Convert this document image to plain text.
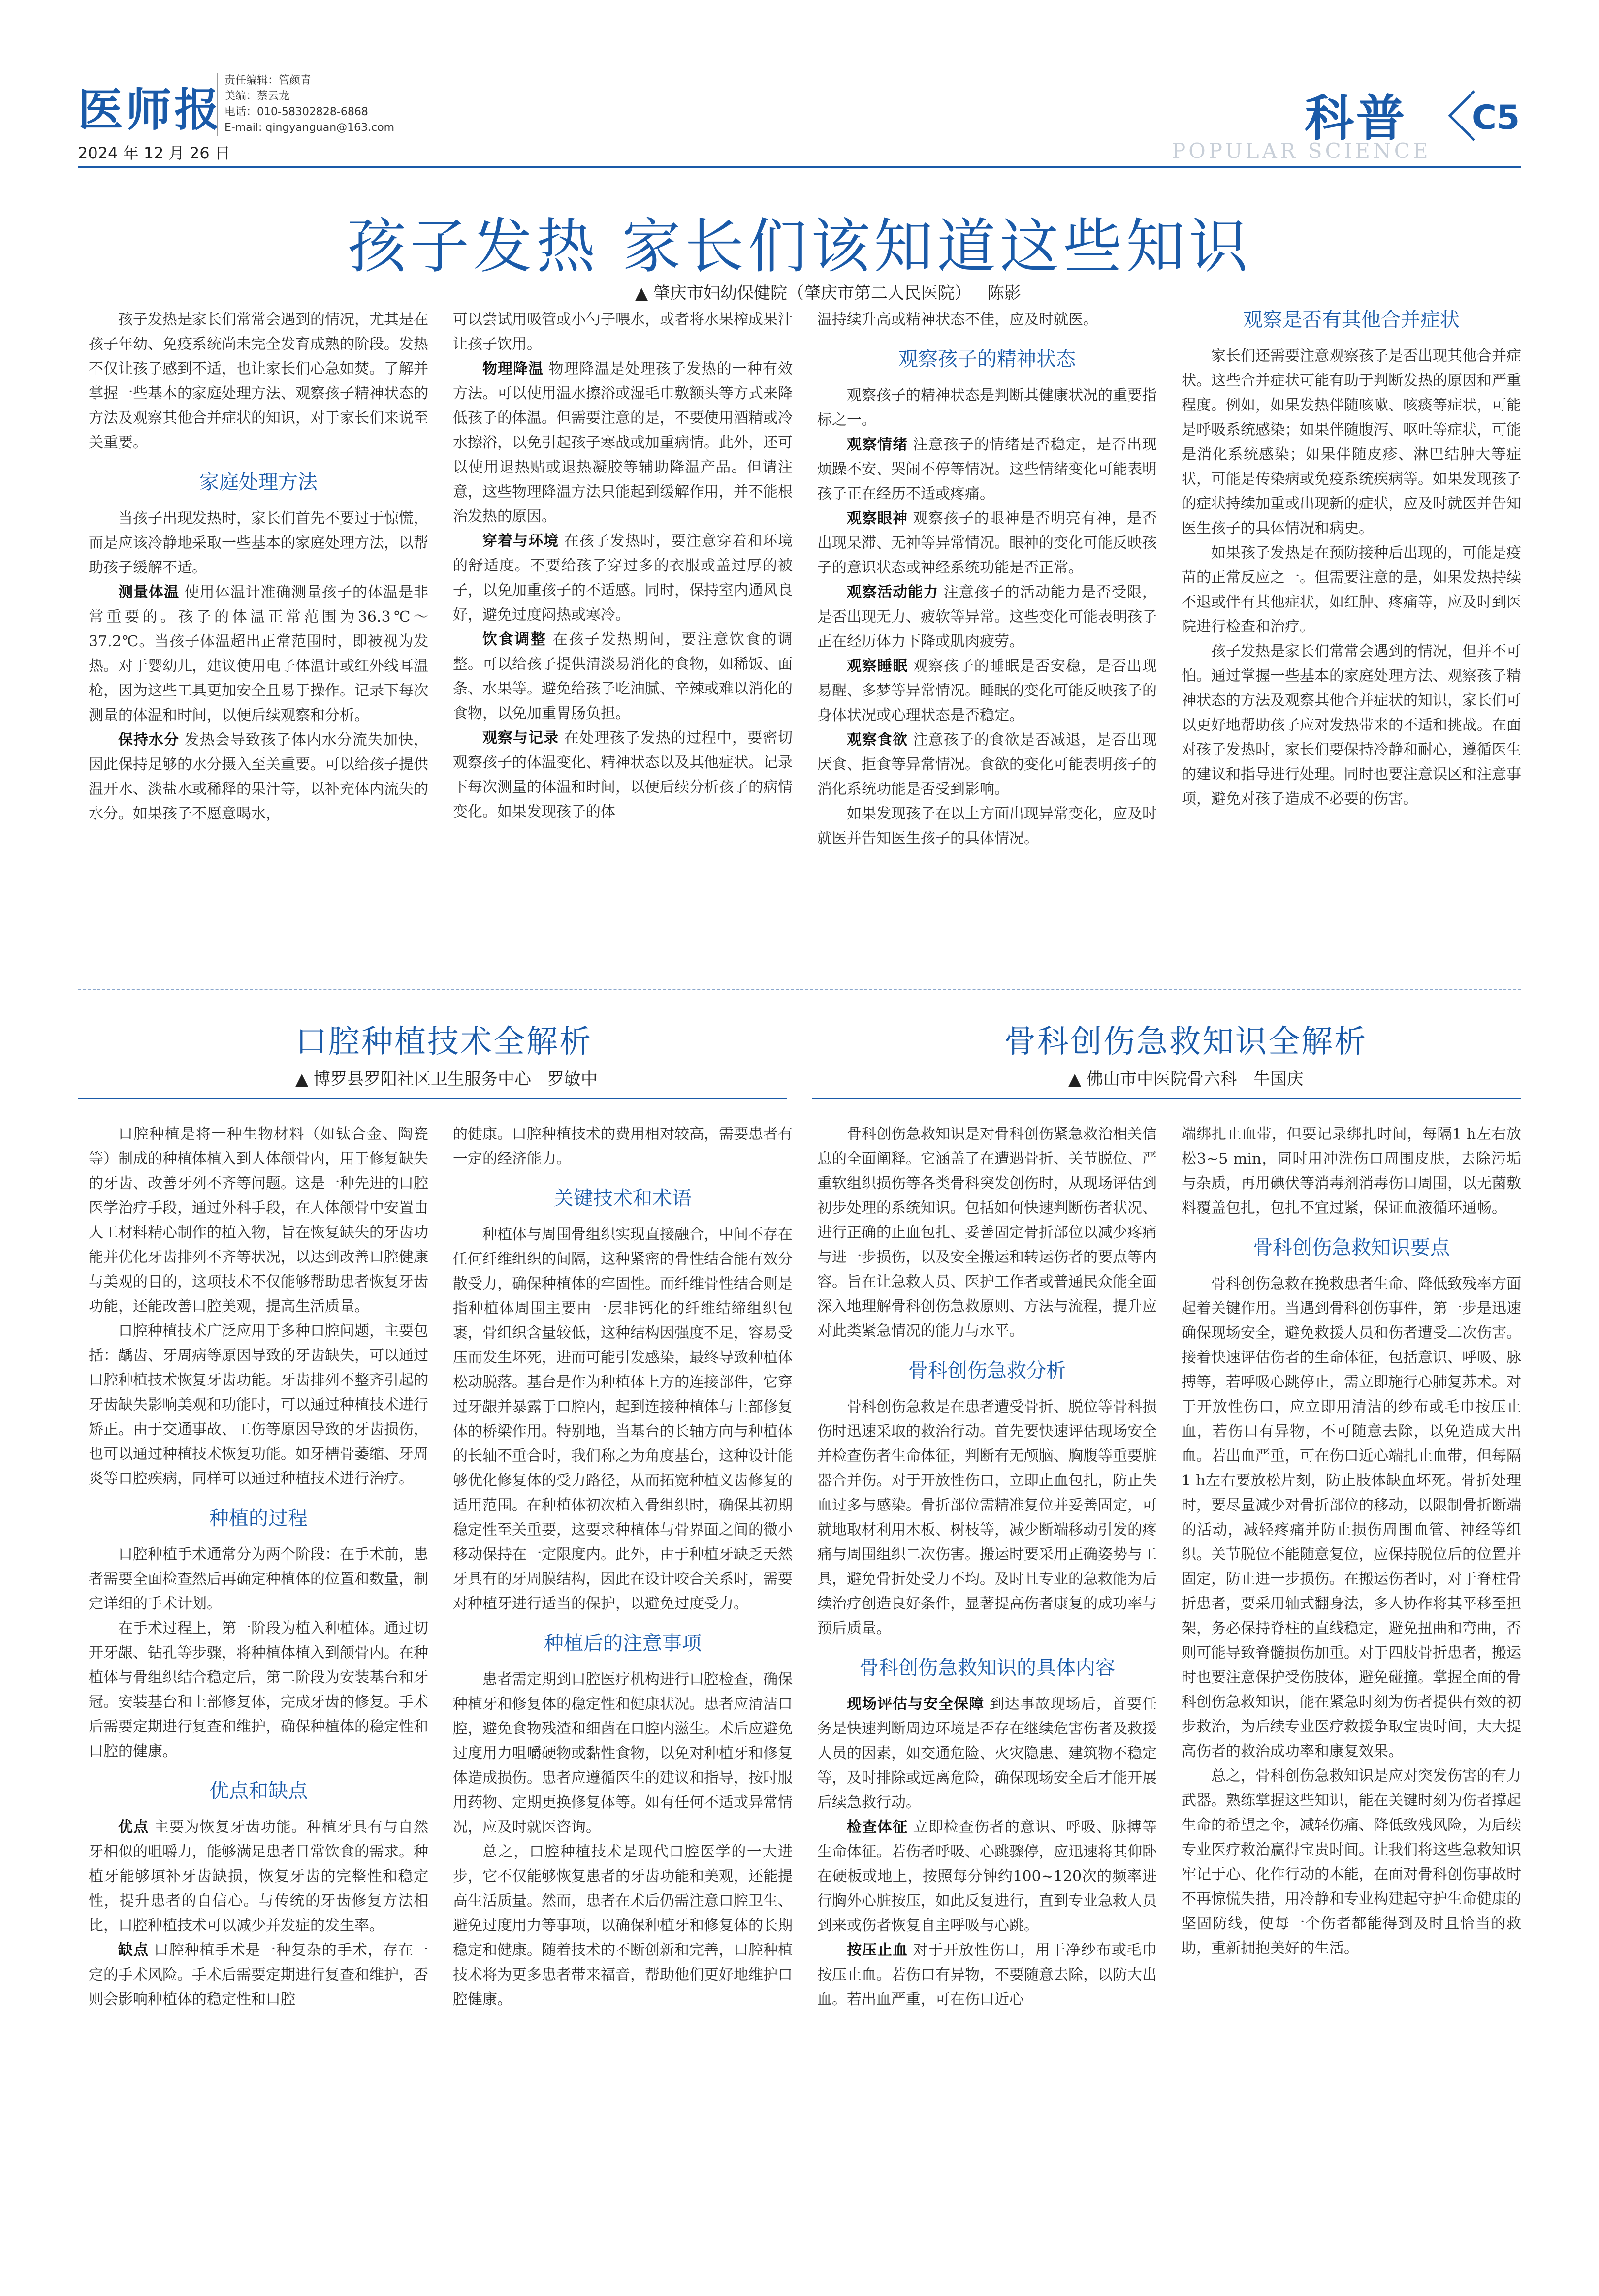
医师报
2024 年 12 月 26 日
责任编辑：管颜青
美编：蔡云龙
电话：010-58302828-6868
E-mail: qingyanguan@163.com	科普
POPULAR SCIENCE
C5
孩子发热 家长们该知道这些知识
▲ 肇庆市妇幼保健院（肇庆市第二人民医院） 陈影

孩子发热是家长们常常会遇到的情况，尤其是在孩子年幼、免疫系统尚未完全发育成熟的阶段。发热不仅让孩子感到不适，也让家长们心急如焚。了解并掌握一些基本的家庭处理方法、观察孩子精神状态的方法及观察其他合并症状的知识，对于家长们来说至关重要。

家庭处理方法

当孩子出现发热时，家长们首先不要过于惊慌，而是应该冷静地采取一些基本的家庭处理方法，以帮助孩子缓解不适。

测量体温 使用体温计准确测量孩子的体温是非常重要的。孩子的体温正常范围为36.3℃～37.2℃。当孩子体温超出正常范围时，即被视为发热。对于婴幼儿，建议使用电子体温计或红外线耳温枪，因为这些工具更加安全且易于操作。记录下每次测量的体温和时间，以便后续观察和分析。

保持水分 发热会导致孩子体内水分流失加快，因此保持足够的水分摄入至关重要。可以给孩子提供温开水、淡盐水或稀释的果汁等，以补充体内流失的水分。如果孩子不愿意喝水，

可以尝试用吸管或小勺子喂水，或者将水果榨成果汁让孩子饮用。

物理降温 物理降温是处理孩子发热的一种有效方法。可以使用温水擦浴或湿毛巾敷额头等方式来降低孩子的体温。但需要注意的是，不要使用酒精或冷水擦浴，以免引起孩子寒战或加重病情。此外，还可以使用退热贴或退热凝胶等辅助降温产品。但请注意，这些物理降温方法只能起到缓解作用，并不能根治发热的原因。

穿着与环境 在孩子发热时，要注意穿着和环境的舒适度。不要给孩子穿过多的衣服或盖过厚的被子，以免加重孩子的不适感。同时，保持室内通风良好，避免过度闷热或寒冷。

饮食调整 在孩子发热期间，要注意饮食的调整。可以给孩子提供清淡易消化的食物，如稀饭、面条、水果等。避免给孩子吃油腻、辛辣或难以消化的食物，以免加重胃肠负担。

观察与记录 在处理孩子发热的过程中，要密切观察孩子的体温变化、精神状态以及其他症状。记录下每次测量的体温和时间，以便后续分析孩子的病情变化。如果发现孩子的体

温持续升高或精神状态不佳，应及时就医。

观察孩子的精神状态

观察孩子的精神状态是判断其健康状况的重要指标之一。

观察情绪 注意孩子的情绪是否稳定，是否出现烦躁不安、哭闹不停等情况。这些情绪变化可能表明孩子正在经历不适或疼痛。

观察眼神 观察孩子的眼神是否明亮有神，是否出现呆滞、无神等异常情况。眼神的变化可能反映孩子的意识状态或神经系统功能是否正常。

观察活动能力 注意孩子的活动能力是否受限，是否出现无力、疲软等异常。这些变化可能表明孩子正在经历体力下降或肌肉疲劳。

观察睡眠 观察孩子的睡眠是否安稳，是否出现易醒、多梦等异常情况。睡眠的变化可能反映孩子的身体状况或心理状态是否稳定。

观察食欲 注意孩子的食欲是否减退，是否出现厌食、拒食等异常情况。食欲的变化可能表明孩子的消化系统功能是否受到影响。

如果发现孩子在以上方面出现异常变化，应及时就医并告知医生孩子的具体情况。

观察是否有其他合并症状

家长们还需要注意观察孩子是否出现其他合并症状。这些合并症状可能有助于判断发热的原因和严重程度。例如，如果发热伴随咳嗽、咳痰等症状，可能是呼吸系统感染；如果伴随腹泻、呕吐等症状，可能是消化系统感染；如果伴随皮疹、淋巴结肿大等症状，可能是传染病或免疫系统疾病等。如果发现孩子的症状持续加重或出现新的症状，应及时就医并告知医生孩子的具体情况和病史。

如果孩子发热是在预防接种后出现的，可能是疫苗的正常反应之一。但需要注意的是，如果发热持续不退或伴有其他症状，如红肿、疼痛等，应及时到医院进行检查和治疗。

孩子发热是家长们常常会遇到的情况，但并不可怕。通过掌握一些基本的家庭处理方法、观察孩子精神状态的方法及观察其他合并症状的知识，家长们可以更好地帮助孩子应对发热带来的不适和挑战。在面对孩子发热时，家长们要保持冷静和耐心，遵循医生的建议和指导进行处理。同时也要注意误区和注意事项，避免对孩子造成不必要的伤害。

口腔种植技术全解析
▲ 博罗县罗阳社区卫生服务中心 罗敏中

口腔种植是将一种生物材料（如钛合金、陶瓷等）制成的种植体植入到人体颌骨内，用于修复缺失的牙齿、改善牙列不齐等问题。这是一种先进的口腔医学治疗手段，通过外科手段，在人体颌骨中安置由人工材料精心制作的植入物，旨在恢复缺失的牙齿功能并优化牙齿排列不齐等状况，以达到改善口腔健康与美观的目的，这项技术不仅能够帮助患者恢复牙齿功能，还能改善口腔美观，提高生活质量。

口腔种植技术广泛应用于多种口腔问题，主要包括：龋齿、牙周病等原因导致的牙齿缺失，可以通过口腔种植技术恢复牙齿功能。牙齿排列不整齐引起的牙齿缺失影响美观和功能时，可以通过种植技术进行矫正。由于交通事故、工伤等原因导致的牙齿损伤，也可以通过种植技术恢复功能。如牙槽骨萎缩、牙周炎等口腔疾病，同样可以通过种植技术进行治疗。

种植的过程

口腔种植手术通常分为两个阶段：在手术前，患者需要全面检查然后再确定种植体的位置和数量，制定详细的手术计划。

在手术过程上，第一阶段为植入种植体。通过切开牙龈、钻孔等步骤，将种植体植入到颌骨内。在种植体与骨组织结合稳定后，第二阶段为安装基台和牙冠。安装基台和上部修复体，完成牙齿的修复。手术后需要定期进行复查和维护，确保种植体的稳定性和口腔的健康。

优点和缺点

优点 主要为恢复牙齿功能。种植牙具有与自然牙相似的咀嚼力，能够满足患者日常饮食的需求。种植牙能够填补牙齿缺损，恢复牙齿的完整性和稳定性，提升患者的自信心。与传统的牙齿修复方法相比，口腔种植技术可以减少并发症的发生率。

缺点 口腔种植手术是一种复杂的手术，存在一定的手术风险。手术后需要定期进行复查和维护，否则会影响种植体的稳定性和口腔

的健康。口腔种植技术的费用相对较高，需要患者有一定的经济能力。

关键技术和术语

种植体与周围骨组织实现直接融合，中间不存在任何纤维组织的间隔，这种紧密的骨性结合能有效分散受力，确保种植体的牢固性。而纤维骨性结合则是指种植体周围主要由一层非钙化的纤维结缔组织包裹，骨组织含量较低，这种结构因强度不足，容易受压而发生坏死，进而可能引发感染，最终导致种植体松动脱落。基台是作为种植体上方的连接部件，它穿过牙龈并暴露于口腔内，起到连接种植体与上部修复体的桥梁作用。特别地，当基台的长轴方向与种植体的长轴不重合时，我们称之为角度基台，这种设计能够优化修复体的受力路径，从而拓宽种植义齿修复的适用范围。在种植体初次植入骨组织时，确保其初期稳定性至关重要，这要求种植体与骨界面之间的微小移动保持在一定限度内。此外，由于种植牙缺乏天然牙具有的牙周膜结构，因此在设计咬合关系时，需要对种植牙进行适当的保护，以避免过度受力。

种植后的注意事项

患者需定期到口腔医疗机构进行口腔检查，确保种植牙和修复体的稳定性和健康状况。患者应清洁口腔，避免食物残渣和细菌在口腔内滋生。术后应避免过度用力咀嚼硬物或黏性食物，以免对种植牙和修复体造成损伤。患者应遵循医生的建议和指导，按时服用药物、定期更换修复体等。如有任何不适或异常情况，应及时就医咨询。

总之，口腔种植技术是现代口腔医学的一大进步，它不仅能够恢复患者的牙齿功能和美观，还能提高生活质量。然而，患者在术后仍需注意口腔卫生、避免过度用力等事项，以确保种植牙和修复体的长期稳定和健康。随着技术的不断创新和完善，口腔种植技术将为更多患者带来福音，帮助他们更好地维护口腔健康。

骨科创伤急救知识全解析
▲ 佛山市中医院骨六科 牛国庆

骨科创伤急救知识是对骨科创伤紧急救治相关信息的全面阐释。它涵盖了在遭遇骨折、关节脱位、严重软组织损伤等各类骨科突发创伤时，从现场评估到初步处理的系统知识。包括如何快速判断伤者状况、进行正确的止血包扎、妥善固定骨折部位以减少疼痛与进一步损伤，以及安全搬运和转运伤者的要点等内容。旨在让急救人员、医护工作者或普通民众能全面深入地理解骨科创伤急救原则、方法与流程，提升应对此类紧急情况的能力与水平。

骨科创伤急救分析

骨科创伤急救是在患者遭受骨折、脱位等骨科损伤时迅速采取的救治行动。首先要快速评估现场安全并检查伤者生命体征，判断有无颅脑、胸腹等重要脏器合并伤。对于开放性伤口，立即止血包扎，防止失血过多与感染。骨折部位需精准复位并妥善固定，可就地取材利用木板、树枝等，减少断端移动引发的疼痛与周围组织二次伤害。搬运时要采用正确姿势与工具，避免骨折处受力不均。及时且专业的急救能为后续治疗创造良好条件，显著提高伤者康复的成功率与预后质量。

骨科创伤急救知识的具体内容

现场评估与安全保障 到达事故现场后，首要任务是快速判断周边环境是否存在继续危害伤者及救援人员的因素，如交通危险、火灾隐患、建筑物不稳定等，及时排除或远离危险，确保现场安全后才能开展后续急救行动。

检查体征 立即检查伤者的意识、呼吸、脉搏等生命体征。若伤者呼吸、心跳骤停，应迅速将其仰卧在硬板或地上，按照每分钟约100~120次的频率进行胸外心脏按压，如此反复进行，直到专业急救人员到来或伤者恢复自主呼吸与心跳。

按压止血 对于开放性伤口，用干净纱布或毛巾按压止血。若伤口有异物，不要随意去除，以防大出血。若出血严重，可在伤口近心

端绑扎止血带，但要记录绑扎时间，每隔1 h左右放松3~5 min，同时用冲洗伤口周围皮肤，去除污垢与杂质，再用碘伏等消毒剂消毒伤口周围，以无菌敷料覆盖包扎，包扎不宜过紧，保证血液循环通畅。

骨科创伤急救知识要点

骨科创伤急救在挽救患者生命、降低致残率方面起着关键作用。当遇到骨科创伤事件，第一步是迅速确保现场安全，避免救援人员和伤者遭受二次伤害。接着快速评估伤者的生命体征，包括意识、呼吸、脉搏等，若呼吸心跳停止，需立即施行心肺复苏术。对于开放性伤口，应立即用清洁的纱布或毛巾按压止血，若伤口有异物，不可随意去除，以免造成大出血。若出血严重，可在伤口近心端扎止血带，但每隔1 h左右要放松片刻，防止肢体缺血坏死。骨折处理时，要尽量减少对骨折部位的移动，以限制骨折断端的活动，减轻疼痛并防止损伤周围血管、神经等组织。关节脱位不能随意复位，应保持脱位后的位置并固定，防止进一步损伤。在搬运伤者时，对于脊柱骨折患者，要采用轴式翻身法，多人协作将其平移至担架，务必保持脊柱的直线稳定，避免扭曲和弯曲，否则可能导致脊髓损伤加重。对于四肢骨折患者，搬运时也要注意保护受伤肢体，避免碰撞。掌握全面的骨科创伤急救知识，能在紧急时刻为伤者提供有效的初步救治，为后续专业医疗救援争取宝贵时间，大大提高伤者的救治成功率和康复效果。

总之，骨科创伤急救知识是应对突发伤害的有力武器。熟练掌握这些知识，能在关键时刻为伤者撑起生命的希望之伞，减轻伤痛、降低致残风险，为后续专业医疗救治赢得宝贵时间。让我们将这些急救知识牢记于心、化作行动的本能，在面对骨科创伤事故时不再惊慌失措，用冷静和专业构建起守护生命健康的坚固防线，使每一个伤者都能得到及时且恰当的救助，重新拥抱美好的生活。
